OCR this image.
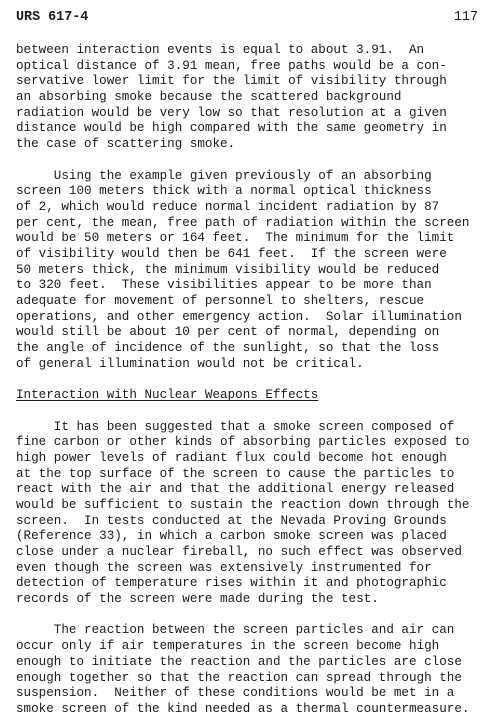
URS 617-4	117
between interaction events is equal to about 3.91.  An
optical distance of 3.91 mean, free paths would be a con-
servative lower limit for the limit of visibility through
an absorbing smoke because the scattered background
radiation would be very low so that resolution at a given
distance would be high compared with the same geometry in
the case of scattering smoke.
Using the example given previously of an absorbing
screen 100 meters thick with a normal optical thickness
of 2, which would reduce normal incident radiation by 87
per cent, the mean, free path of radiation within the screen
would be 50 meters or 164 feet.  The minimum for the limit
of visibility would then be 641 feet.  If the screen were
50 meters thick, the minimum visibility would be reduced
to 320 feet.  These visibilities appear to be more than
adequate for movement of personnel to shelters, rescue
operations, and other emergency action.  Solar illumination
would still be about 10 per cent of normal, depending on
the angle of incidence of the sunlight, so that the loss
of general illumination would not be critical.
Interaction with Nuclear Weapons Effects
It has been suggested that a smoke screen composed of
fine carbon or other kinds of absorbing particles exposed to
high power levels of radiant flux could become hot enough
at the top surface of the screen to cause the particles to
react with the air and that the additional energy released
would be sufficient to sustain the reaction down through the
screen.  In tests conducted at the Nevada Proving Grounds
(Reference 33), in which a carbon smoke screen was placed
close under a nuclear fireball, no such effect was observed
even though the screen was extensively instrumented for
detection of temperature rises within it and photographic
records of the screen were made during the test.
The reaction between the screen particles and air can
occur only if air temperatures in the screen become high
enough to initiate the reaction and the particles are close
enough together so that the reaction can spread through the
suspension.  Neither of these conditions would be met in a
smoke screen of the kind needed as a thermal countermeasure.
